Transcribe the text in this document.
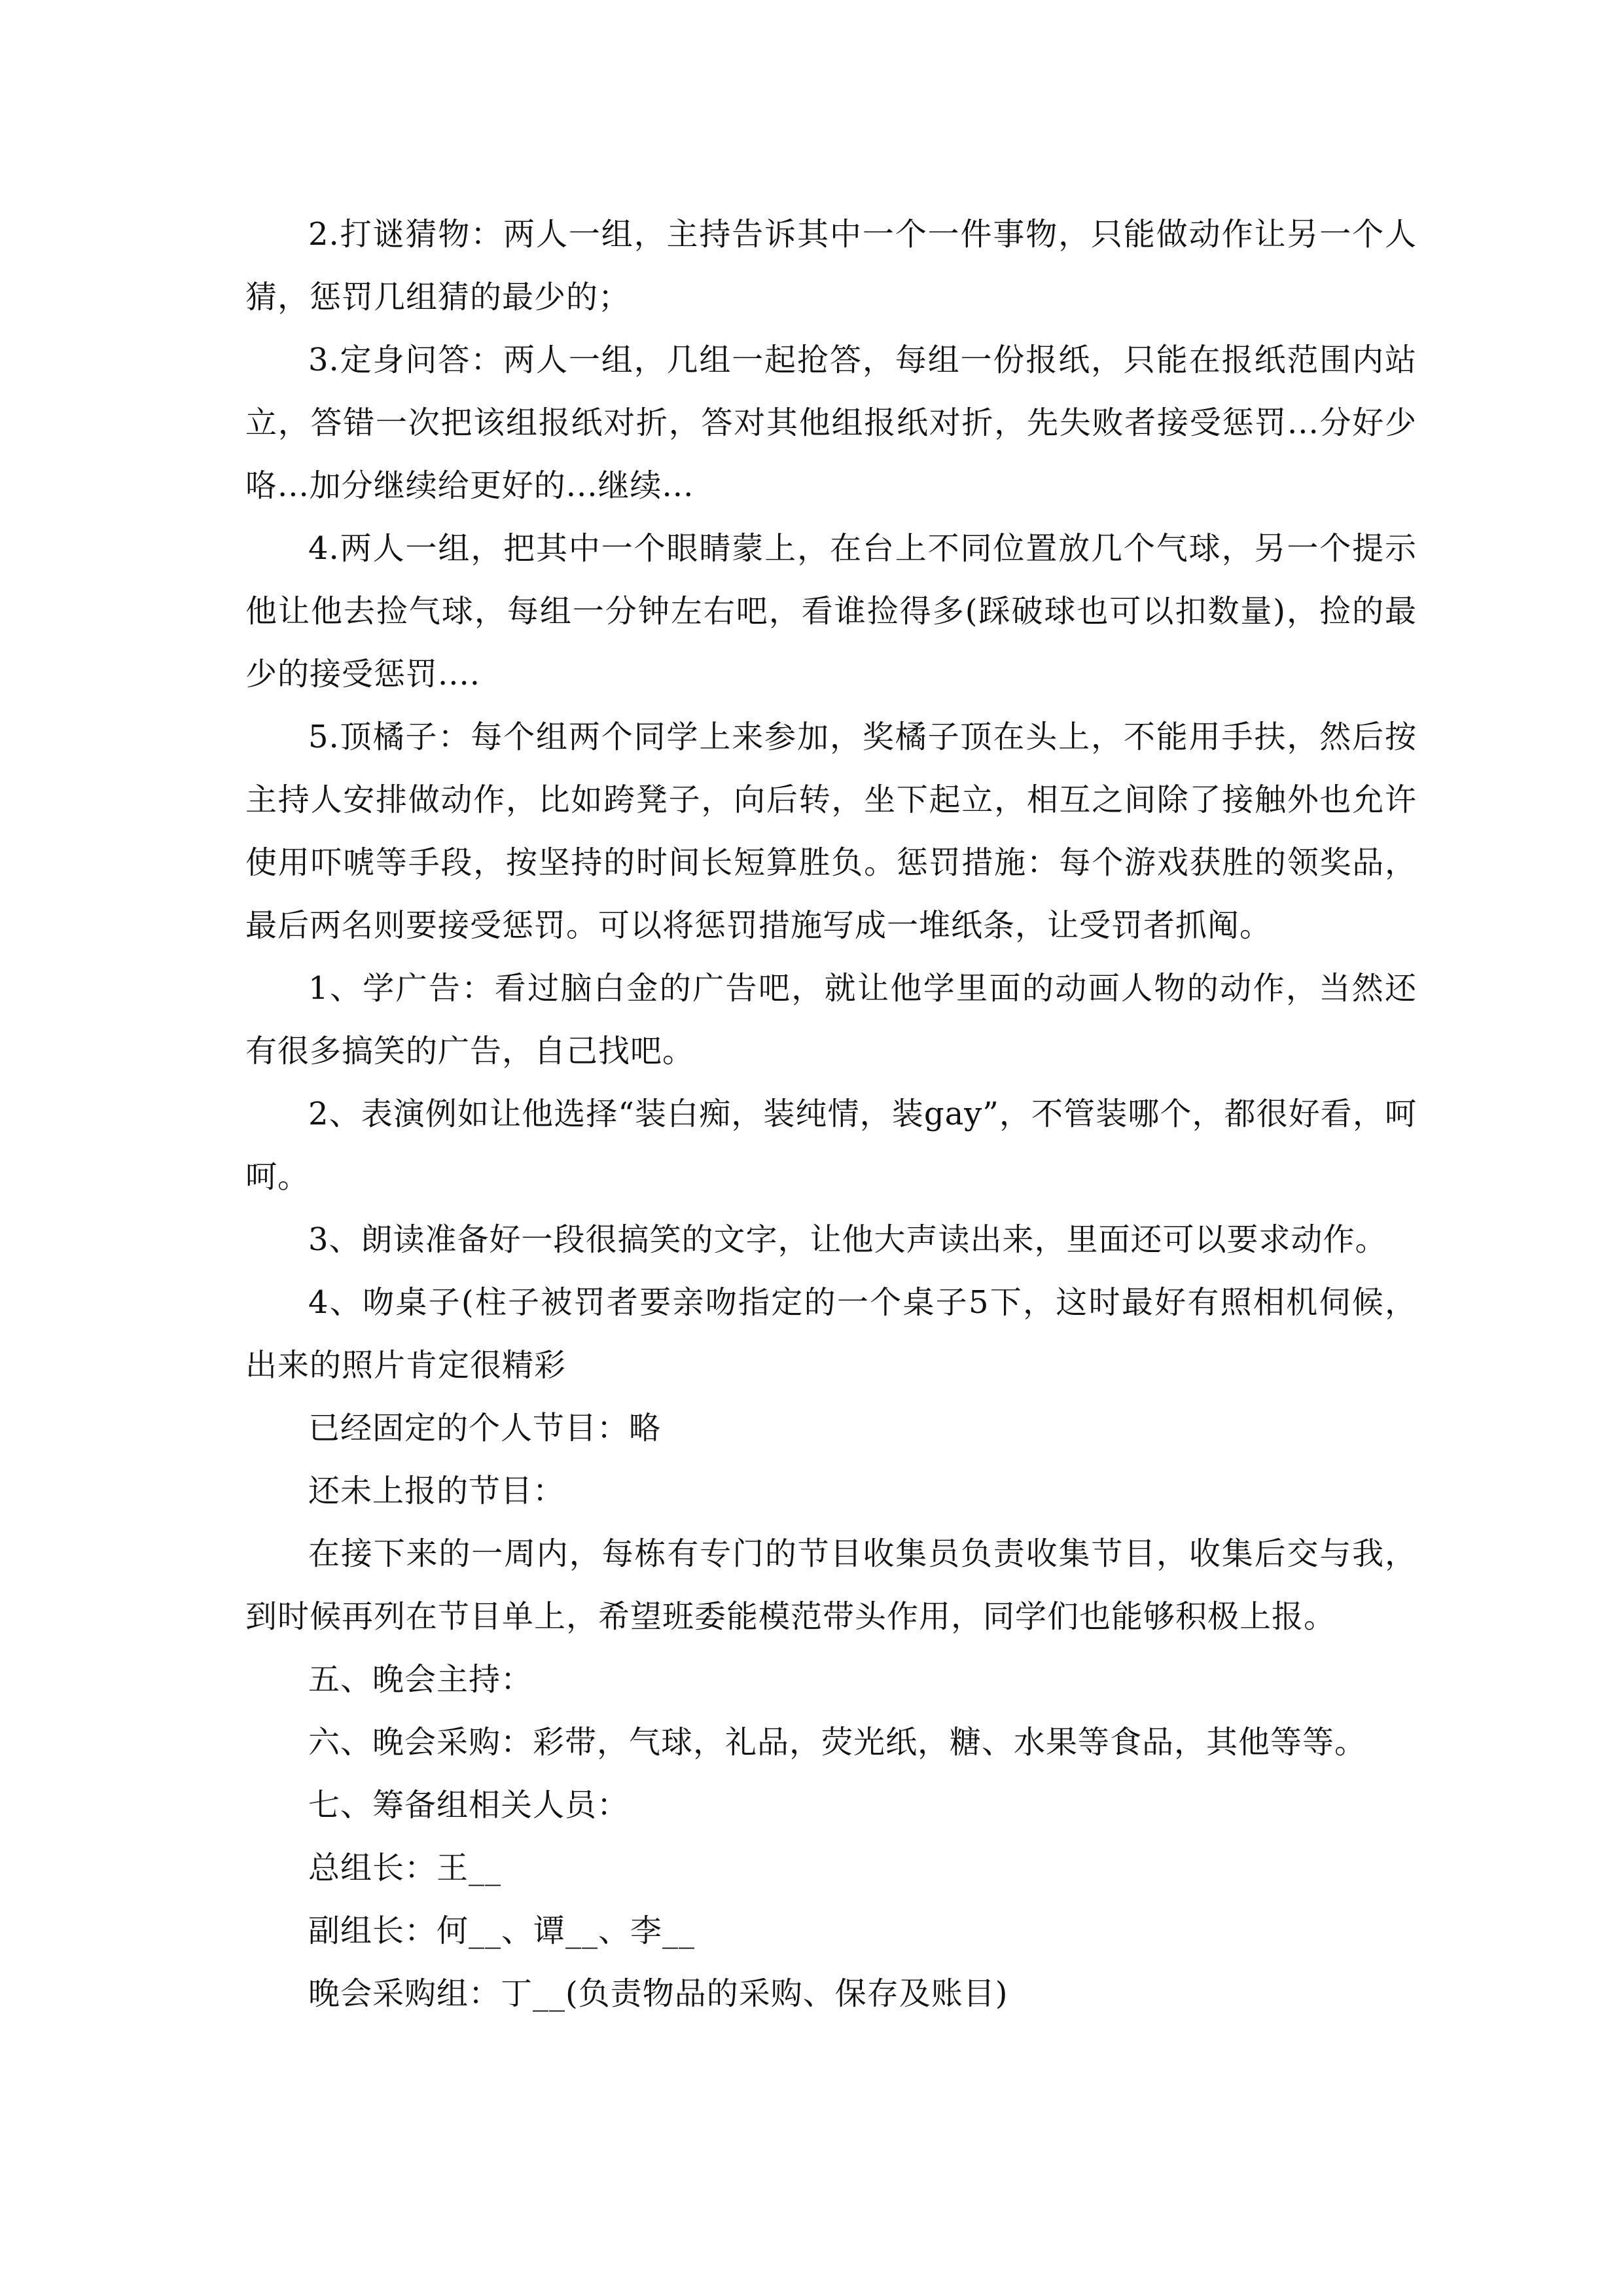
2.打谜猜物：两人一组，主持告诉其中一个一件事物，只能做动作让另一个人猜，惩罚几组猜的最少的；

3.定身问答：两人一组，几组一起抢答，每组一份报纸，只能在报纸范围内站立，答错一次把该组报纸对折，答对其他组报纸对折，先失败者接受惩罚...分好少咯...加分继续给更好的...继续...

4.两人一组，把其中一个眼睛蒙上，在台上不同位置放几个气球，另一个提示他让他去捡气球，每组一分钟左右吧，看谁捡得多(踩破球也可以扣数量)，捡的最少的接受惩罚....

5.顶橘子：每个组两个同学上来参加，奖橘子顶在头上，不能用手扶，然后按主持人安排做动作，比如跨凳子，向后转，坐下起立，相互之间除了接触外也允许使用吓唬等手段，按坚持的时间长短算胜负。惩罚措施：每个游戏获胜的领奖品，最后两名则要接受惩罚。可以将惩罚措施写成一堆纸条，让受罚者抓阄。

1、学广告：看过脑白金的广告吧，就让他学里面的动画人物的动作，当然还有很多搞笑的广告，自己找吧。

2、表演例如让他选择“装白痴，装纯情，装gay”，不管装哪个，都很好看，呵呵。

3、朗读准备好一段很搞笑的文字，让他大声读出来，里面还可以要求动作。

4、吻桌子(柱子被罚者要亲吻指定的一个桌子5下，这时最好有照相机伺候，出来的照片肯定很精彩

已经固定的个人节目：略

还未上报的节目：

在接下来的一周内，每栋有专门的节目收集员负责收集节目，收集后交与我，到时候再列在节目单上，希望班委能模范带头作用，同学们也能够积极上报。

五、晚会主持：

六、晚会采购：彩带，气球，礼品，荧光纸，糖、水果等食品，其他等等。

七、筹备组相关人员：

总组长：王__

副组长：何__、谭__、李__

晚会采购组：丁__(负责物品的采购、保存及账目)
